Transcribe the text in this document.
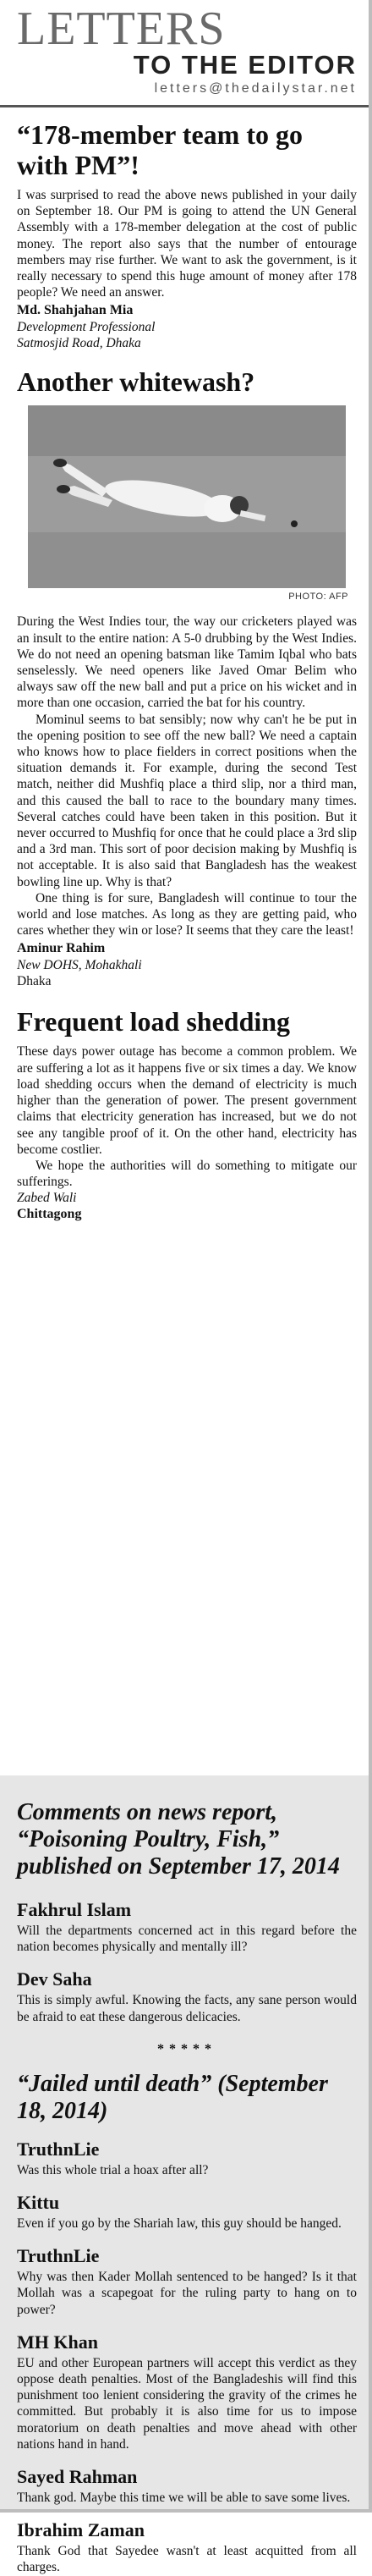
LETTERS
TO THE EDITOR
letters@thedailystar.net
“178-member team to go with PM”!

I was surprised to read the above news published in your daily on September 18. Our PM is going to attend the UN General Assembly with a 178-member delegation at the cost of public money. The report also says that the number of entourage members may rise further. We want to ask the government, is it really necessary to spend this huge amount of money after 178 people? We need an answer.

Md. Shahjahan Mia
Development Professional
Satmosjid Road, Dhaka
Another whitewash?
PHOTO: AFP

During the West Indies tour, the way our cricketers played was an insult to the entire nation: A 5-0 drubbing by the West Indies. We do not need an opening batsman like Tamim Iqbal who bats senselessly. We need openers like Javed Omar Belim who always saw off the new ball and put a price on his wicket and in more than one occasion, carried the bat for his country.

Mominul seems to bat sensibly; now why can't he be put in the opening position to see off the new ball? We need a captain who knows how to place fielders in correct positions when the situation demands it. For example, during the second Test match, neither did Mushfiq place a third slip, nor a third man, and this caused the ball to race to the boundary many times. Several catches could have been taken in this position. But it never occurred to Mushfiq for once that he could place a 3rd slip and a 3rd man. This sort of poor decision making by Mushfiq is not acceptable. It is also said that Bangladesh has the weakest bowling line up. Why is that?

One thing is for sure, Bangladesh will continue to tour the world and lose matches. As long as they are getting paid, who cares whether they win or lose? It seems that they care the least!

Aminur Rahim
New DOHS, Mohakhali
Dhaka
Frequent load shedding

These days power outage has become a common problem. We are suffering a lot as it happens five or six times a day. We know load shedding occurs when the demand of electricity is much higher than the generation of power. The present government claims that electricity generation has increased, but we do not see any tangible proof of it. On the other hand, electricity has become costlier.

We hope the authorities will do something to mitigate our sufferings.

Zabed Wali
Chittagong
Comments on news report, “Poisoning Poultry, Fish,” published on September 17, 2014
Fakhrul Islam

Will the departments concerned act in this regard before the nation becomes physically and mentally ill?

Dev Saha

This is simply awful. Knowing the facts, any sane person would be afraid to eat these dangerous delicacies.

*****
“Jailed until death” (September 18, 2014)
TruthnLie

Was this whole trial a hoax after all?

Kittu

Even if you go by the Shariah law, this guy should be hanged.

TruthnLie

Why was then Kader Mollah sentenced to be hanged? Is it that Mollah was a scapegoat for the ruling party to hang on to power?

MH Khan

EU and other European partners will accept this verdict as they oppose death penalties. Most of the Bangladeshis will find this punishment too lenient considering the gravity of the crimes he committed. But probably it is also time for us to impose moratorium on death penalties and move ahead with other nations hand in hand.

Sayed Rahman

Thank god. Maybe this time we will be able to save some lives.

Ibrahim Zaman

Thank God that Sayedee wasn't at least acquitted from all charges.
